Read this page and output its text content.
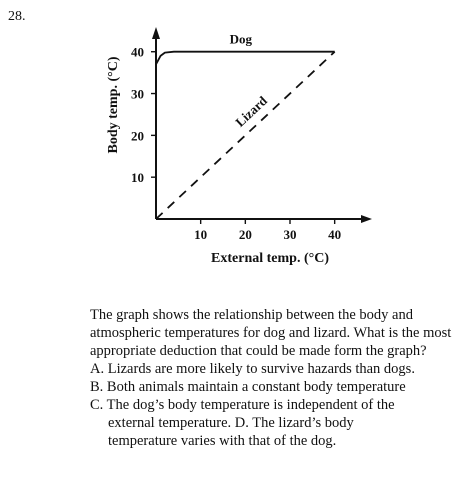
28.
10 20 30 40
10
20
30
40
Dog
Lizard
External temp. (°C)
Body temp. (°C)
The graph shows the relationship between the body and atmospheric temperatures for dog and lizard. What is the most appropriate deduction that could be made form the graph?
A. Lizards are more likely to survive hazards than dogs.
B. Both animals maintain a constant body temperature
C. The dog’s body temperature is independent of the
external temperature. D. The lizard’s body
temperature varies with that of the dog.
